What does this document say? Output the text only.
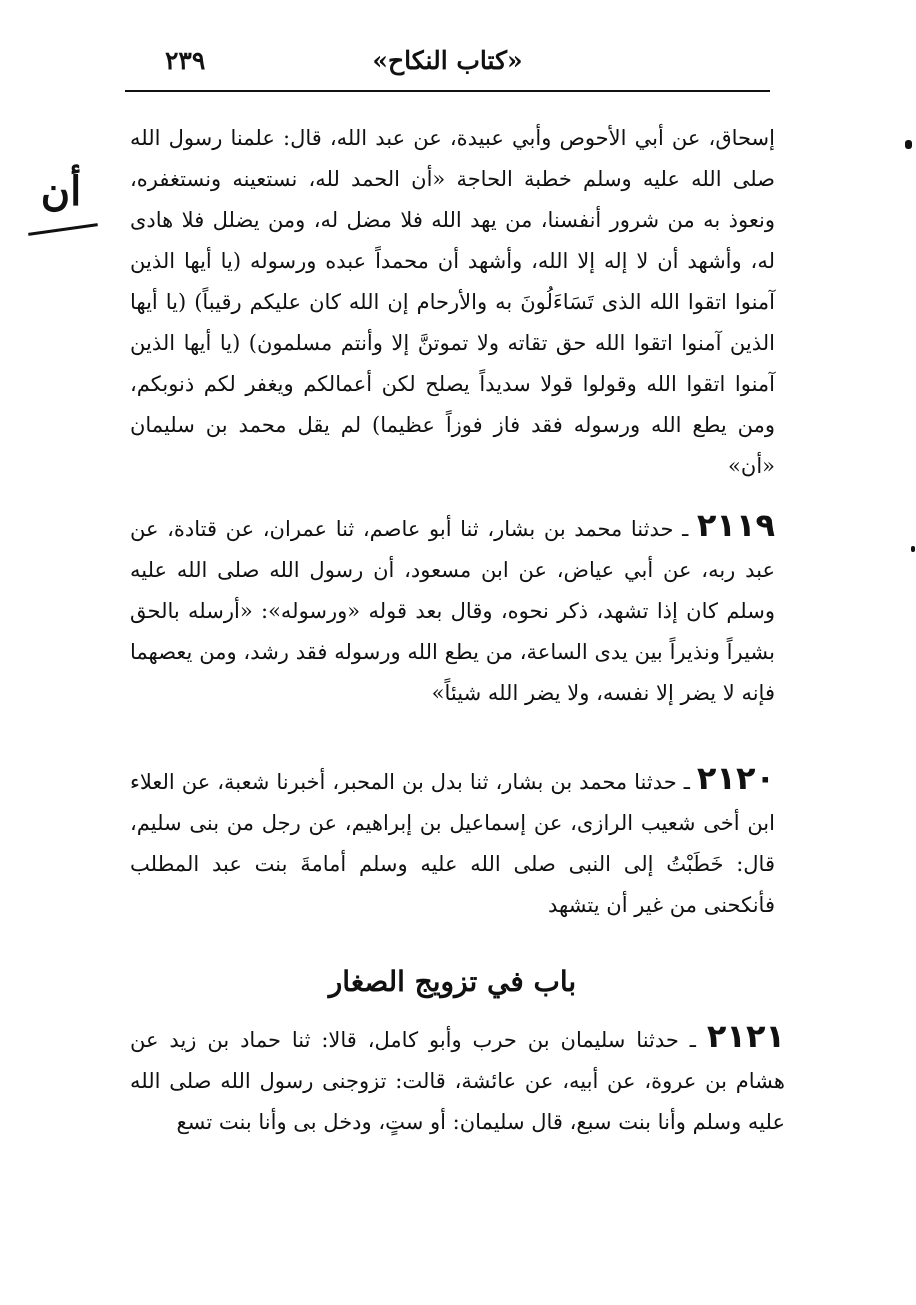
٢٣٩	«كتاب النكاح»
أن
إسحاق، عن أبي الأحوص وأبي عبيدة، عن عبد الله، قال: علمنا رسول الله صلى الله عليه وسلم خطبة الحاجة «أن الحمد لله، نستعينه ونستغفره، ونعوذ به من شرور أنفسنا، من يهد الله فلا مضل له، ومن يضلل فلا هادى له، وأشهد أن لا إله إلا الله، وأشهد أن محمداً عبده ورسوله (يا أيها الذين آمنوا اتقوا الله الذى تَسَاءَلُونَ به والأرحام إن الله كان عليكم رقيباً) (يا أيها الذين آمنوا اتقوا الله حق تقاته ولا تموتنَّ إلا وأنتم مسلمون) (يا أيها الذين آمنوا اتقوا الله وقولوا قولا سديداً يصلح لكن أعمالكم ويغفر لكم ذنوبكم، ومن يطع الله ورسوله فقد فاز فوزاً عظيما) لم يقل محمد بن سليمان «أن»
٢١١٩ ـ حدثنا محمد بن بشار، ثنا أبو عاصم، ثنا عمران، عن قتادة، عن عبد ربه، عن أبي عياض، عن ابن مسعود، أن رسول الله صلى الله عليه وسلم كان إذا تشهد، ذكر نحوه، وقال بعد قوله «ورسوله»: «أرسله بالحق بشيراً ونذيراً بين يدى الساعة، من يطع الله ورسوله فقد رشد، ومن يعصهما فإنه لا يضر إلا نفسه، ولا يضر الله شيئاً»
٢١٢٠ ـ حدثنا محمد بن بشار، ثنا بدل بن المحبر، أخبرنا شعبة، عن العلاء ابن أخى شعيب الرازى، عن إسماعيل بن إبراهيم، عن رجل من بنى سليم، قال: خَطَبْتُ إلى النبى صلى الله عليه وسلم أمامةَ بنت عبد المطلب فأنكحنى من غير أن يتشهد
باب في تزويج الصغار
٢١٢١ ـ حدثنا سليمان بن حرب وأبو كامل، قالا: ثنا حماد بن زيد عن هشام بن عروة، عن أبيه، عن عائشة، قالت: تزوجنى رسول الله صلى الله عليه وسلم وأنا بنت سبع، قال سليمان: أو ستٍ، ودخل بى وأنا بنت تسع
